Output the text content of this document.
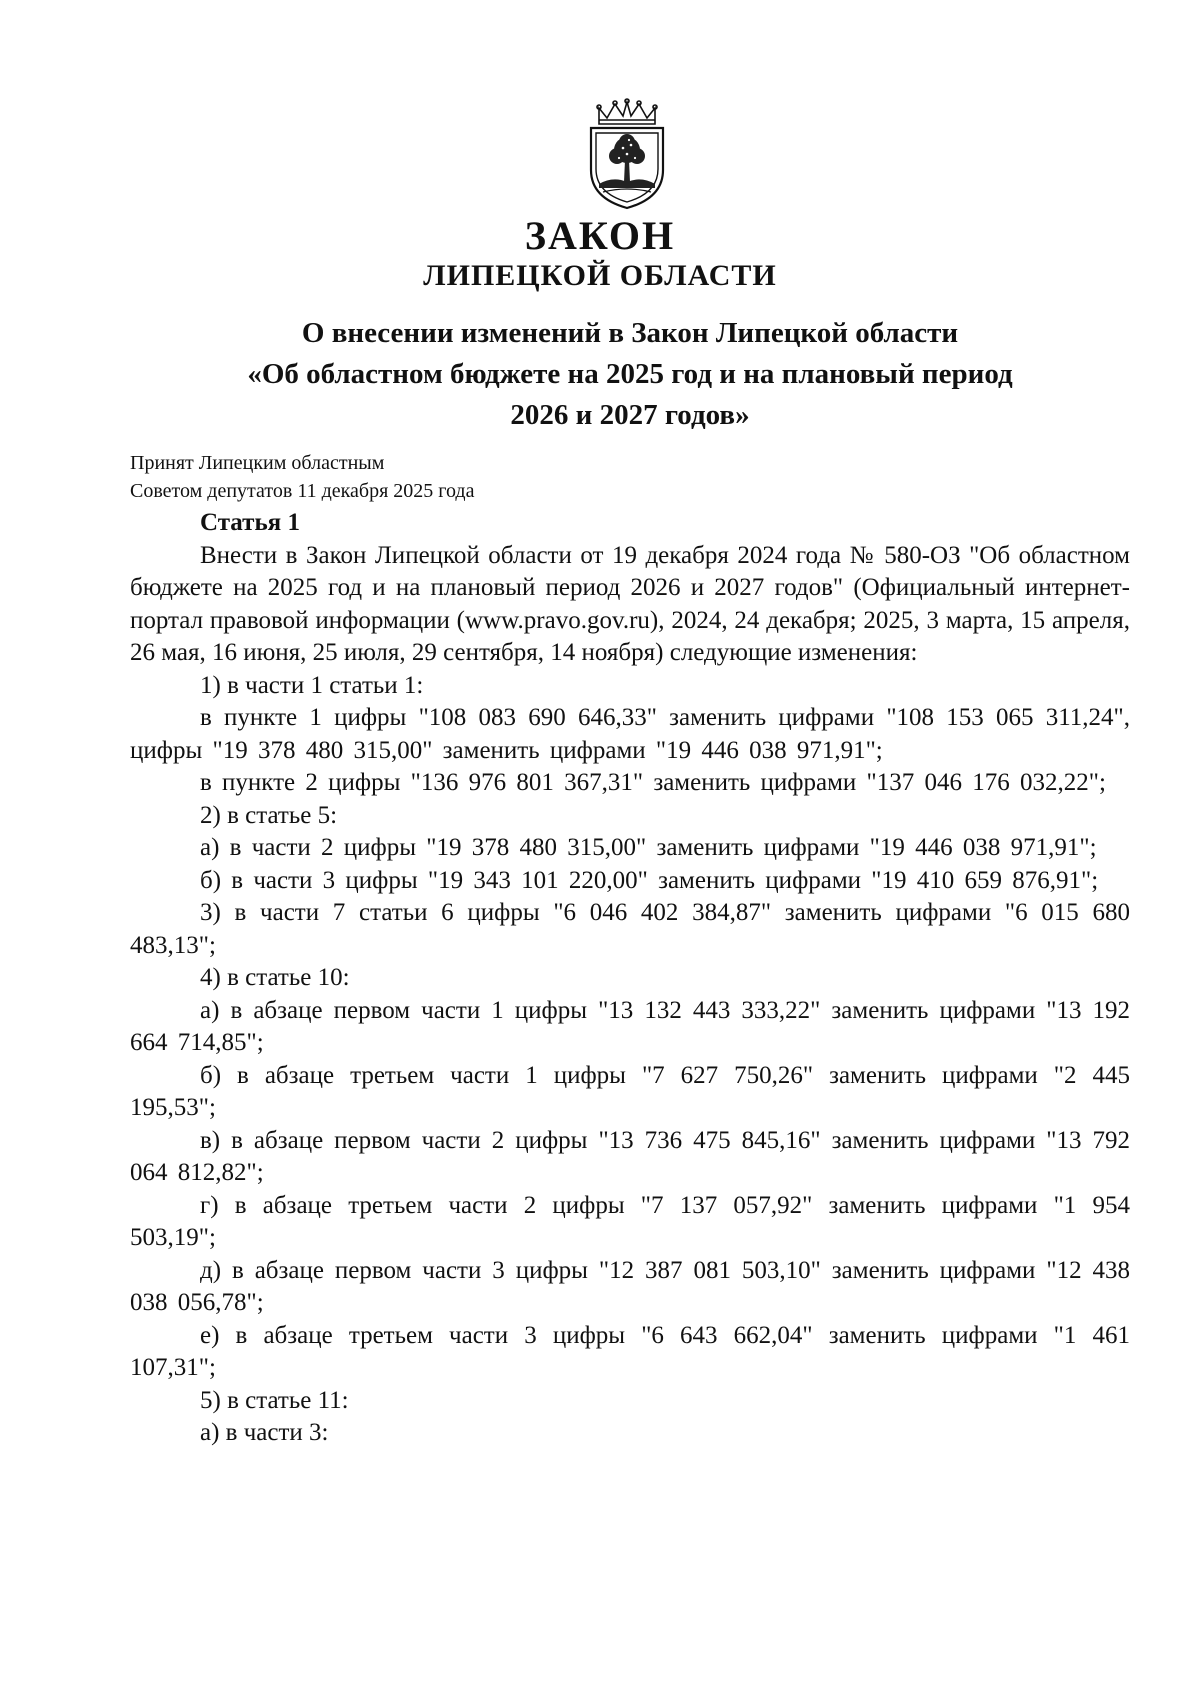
ЗАКОН
ЛИПЕЦКОЙ ОБЛАСТИ
О внесении изменений в Закон Липецкой области
«Об областном бюджете на 2025 год и на плановый период
2026 и 2027 годов»
Принят Липецким областным
Советом депутатов 11 декабря 2025 года

Статья 1

Внести в Закон Липецкой области от 19 декабря 2024 года № 580-ОЗ "Об областном бюджете на 2025 год и на плановый период 2026 и 2027 годов" (Официальный интернет-портал правовой информации (www.pravo.gov.ru), 2024, 24 декабря; 2025, 3 марта, 15 апреля, 26 мая, 16 июня, 25 июля, 29 сентября, 14 ноября) следующие изменения:

1) в части 1 статьи 1:

в пункте 1 цифры "108 083 690 646,33" заменить цифрами "108 153 065 311,24", цифры "19 378 480 315,00" заменить цифрами "19 446 038 971,91";

в пункте 2 цифры "136 976 801 367,31" заменить цифрами "137 046 176 032,22";

2) в статье 5:

а) в части 2 цифры "19 378 480 315,00" заменить цифрами "19 446 038 971,91";

б) в части 3 цифры "19 343 101 220,00" заменить цифрами "19 410 659 876,91";

3) в части 7 статьи 6 цифры "6 046 402 384,87" заменить цифрами "6 015 680 483,13";

4) в статье 10:

а) в абзаце первом части 1 цифры "13 132 443 333,22" заменить цифрами "13 192 664 714,85";

б) в абзаце третьем части 1 цифры "7 627 750,26" заменить цифрами "2 445 195,53";

в) в абзаце первом части 2 цифры "13 736 475 845,16" заменить цифрами "13 792 064 812,82";

г) в абзаце третьем части 2 цифры "7 137 057,92" заменить цифрами "1 954 503,19";

д) в абзаце первом части 3 цифры "12 387 081 503,10" заменить цифрами "12 438 038 056,78";

е) в абзаце третьем части 3 цифры "6 643 662,04" заменить цифрами "1 461 107,31";

5) в статье 11:

а) в части 3:
